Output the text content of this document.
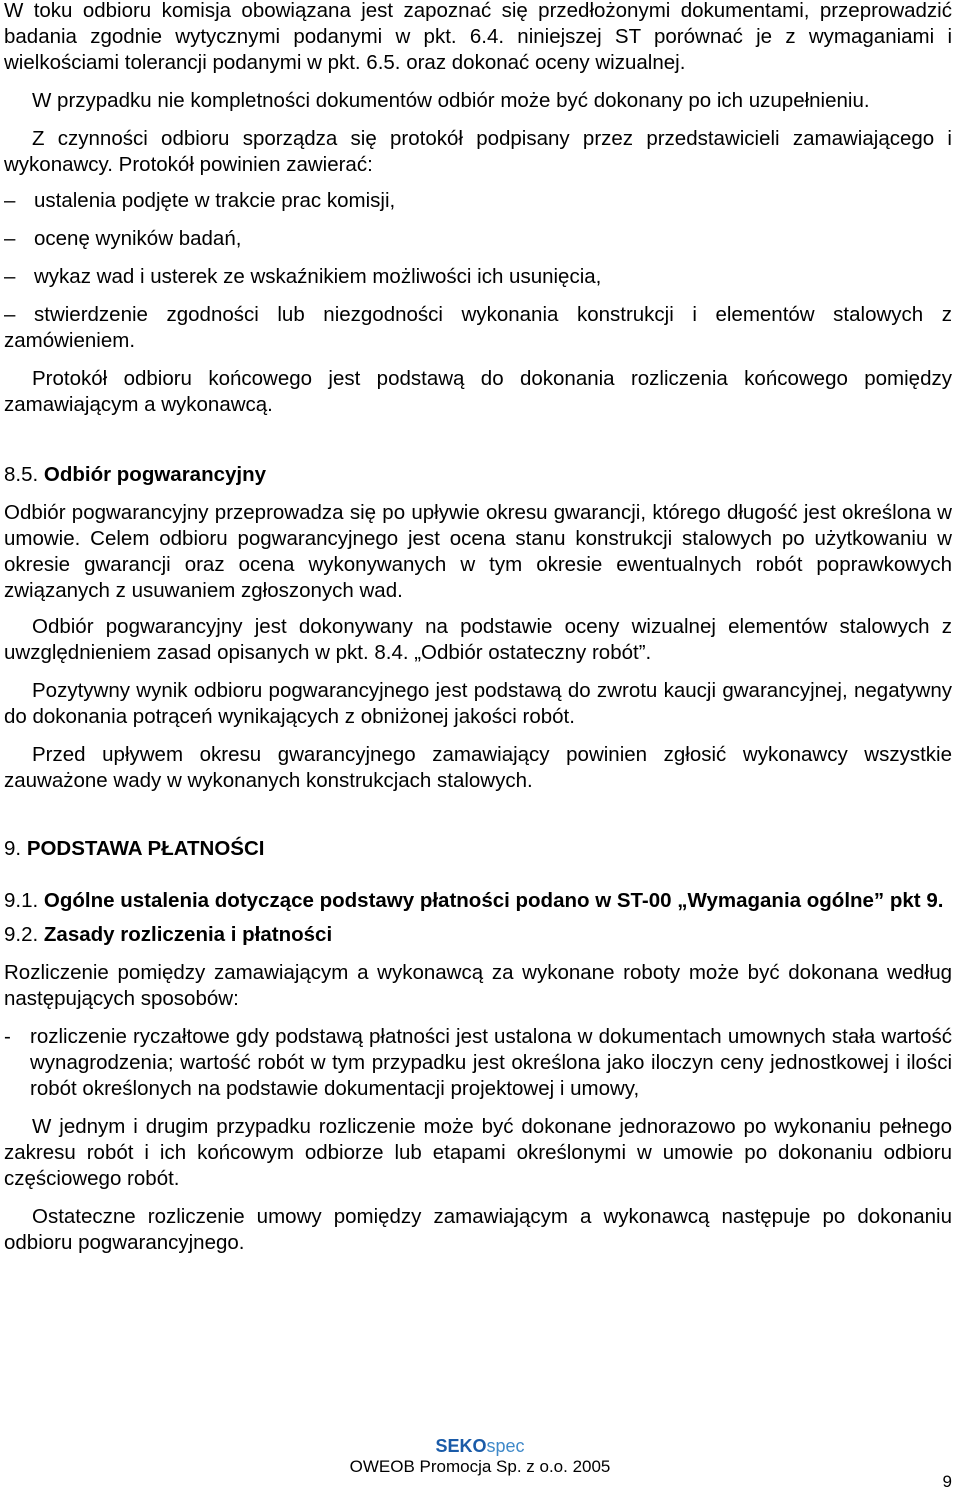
W toku odbioru komisja obowiązana jest zapoznać się przedłożonymi dokumentami, przeprowadzić badania zgodnie wytycznymi podanymi w pkt. 6.4. niniejszej ST porównać je z wymaganiami i wielkościami tolerancji podanymi w pkt. 6.5. oraz dokonać oceny wizualnej.

W przypadku nie kompletności dokumentów odbiór może być dokonany po ich uzupełnieniu.

Z czynności odbioru sporządza się protokół podpisany przez przedstawicieli zamawiającego i wykonawcy. Protokół powinien zawierać:

– ustalenia podjęte w trakcie prac komisji,
– ocenę wyników badań,
– wykaz wad i usterek ze wskaźnikiem możliwości ich usunięcia,
– stwierdzenie zgodności lub niezgodności wykonania konstrukcji i elementów stalowych z zamówieniem.

Protokół odbioru końcowego jest podstawą do dokonania rozliczenia końcowego pomiędzy zamawiającym a wykonawcą.

8.5. Odbiór pogwarancyjny

Odbiór pogwarancyjny przeprowadza się po upływie okresu gwarancji, którego długość jest określona w umowie. Celem odbioru pogwarancyjnego jest ocena stanu konstrukcji stalowych po użytkowaniu w okresie gwarancji oraz ocena wykonywanych w tym okresie ewentualnych robót poprawkowych związanych z usuwaniem zgłoszonych wad.

Odbiór pogwarancyjny jest dokonywany na podstawie oceny wizualnej elementów stalowych z uwzględnieniem zasad opisanych w pkt. 8.4. „Odbiór ostateczny robót”.

Pozytywny wynik odbioru pogwarancyjnego jest podstawą do zwrotu kaucji gwarancyjnej, negatywny do dokonania potrąceń wynikających z obniżonej jakości robót.

Przed upływem okresu gwarancyjnego zamawiający powinien zgłosić wykonawcy wszystkie zauważone wady w wykonanych konstrukcjach stalowych.

9. PODSTAWA PŁATNOŚCI
9.1. Ogólne ustalenia dotyczące podstawy płatności podano w ST-00 „Wymagania ogólne” pkt 9.
9.2. Zasady rozliczenia i płatności

Rozliczenie pomiędzy zamawiającym a wykonawcą za wykonane roboty może być dokonana według następujących sposobów:

- rozliczenie ryczałtowe gdy podstawą płatności jest ustalona w dokumentach umownych stała wartość wynagrodzenia; wartość robót w tym przypadku jest określona jako iloczyn ceny jednostkowej i ilości robót określonych na podstawie dokumentacji projektowej i umowy,

W jednym i drugim przypadku rozliczenie może być dokonane jednorazowo po wykonaniu pełnego zakresu robót i ich końcowym odbiorze lub etapami określonymi w umowie po dokonaniu odbioru częściowego robót.

Ostateczne rozliczenie umowy pomiędzy zamawiającym a wykonawcą następuje po dokonaniu odbioru pogwarancyjnego.

SEKOspec
OWEOB Promocja Sp. z o.o. 2005
9
